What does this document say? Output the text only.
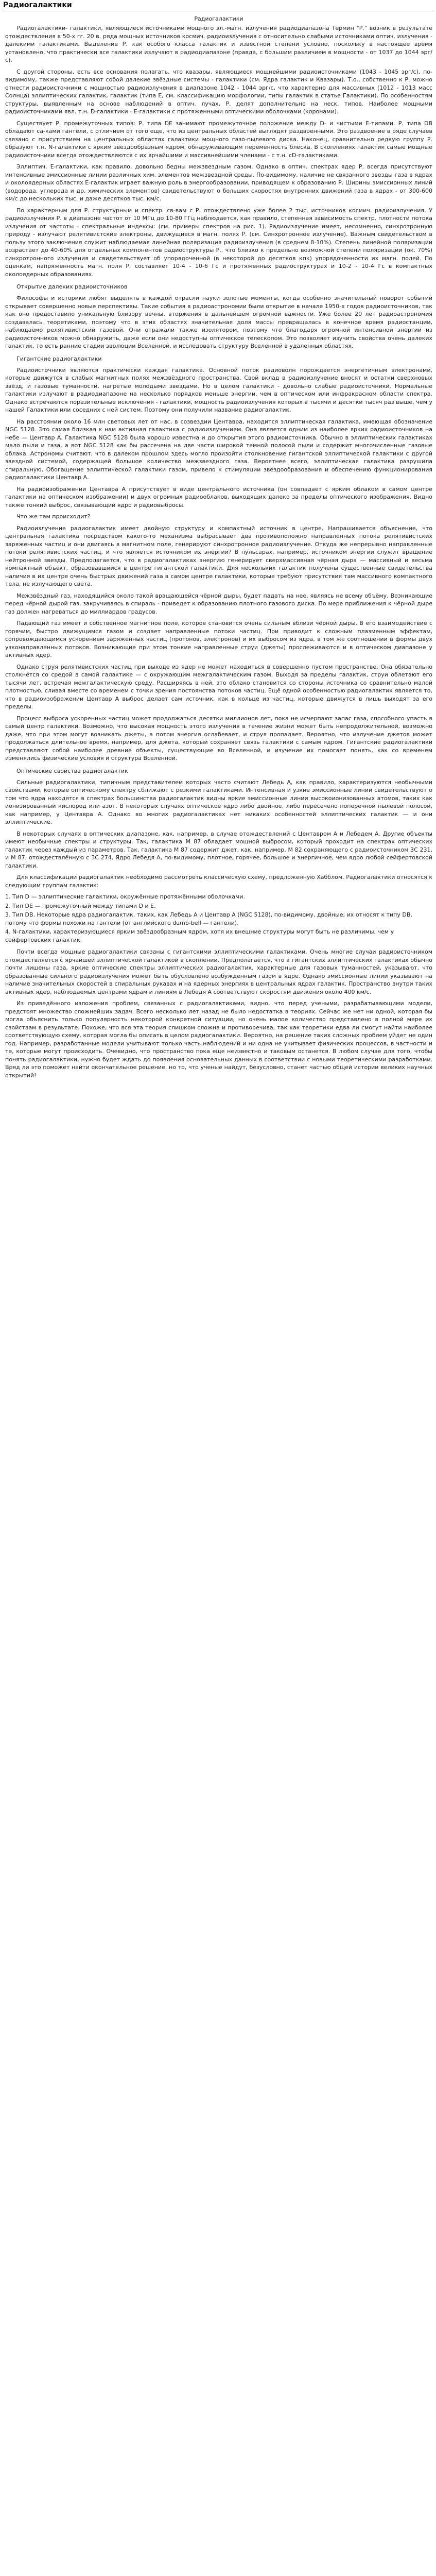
Радиогалактики
Радиогалактики

Радиогалактики- галактики, являющиеся источниками мощного эл.-магн. излучения радиодиапазона Термин "Р." возник в результате отождествления в 50-х гг. 20 в. ряда мощных источников космич. радиоизлучения с относительно слабыми источниками оптич. излучения - далекими галактиками. Выделение Р. как особого класса галактик и известной степени условно, поскольку в настоящее время установлено, что практически все галактики излучают в радиодиапазоне (правда, с большим различием в мощности - от 1037 до 1044 эрг/с).

С другой стороны, есть все основания полагать, что квазары, являющиеся мощнейшими радиоисточниками (1043 - 1045 эрг/с), по-видимому, также представляют собой далекие звёздные системы - галактики (см. Ядра галактик и Квазары). Т.о., собственно к Р. можно отнести радиоисточники с мощностью радиоизлучения в диапазоне 1042 - 1044 эрг/с, что характерно для массивных (1012 - 1013 масс Солнца) эллиптических галактик, галактик (типа Е, см. классификацию морфологии, типы галактик в статье Галактики). По особенностям структуры, выявленным на основе наблюдений в оптич. лучах, Р. делят дополнительно на неск. типов. Наиболее мощными радиоисточниками явл. т.н. D-галактики - Е-галактики с протяженными оптическими оболочками (коронами).

Существует Р. промежуточных типов: Р. типа DE занимают промежуточное положение между D- и чистыми Е-типами. Р. типа DB обладают са-ками гантели, с отличием от того еще, что из центральных областей выглядят раздвоенными. Это раздвоение в ряде случаев связано с присутствием на центральных областях галактики мощного газо-пылевого диска. Наконец, сравнительно редкую группу Р. образуют т.н. N-галактики с ярким звездообразным ядром, обнаруживающим переменность блеска. В скоплениях галактик самые мощные радиоисточники всегда отождествляются с их ярчайшими и массивнейшими членами - с т.н. cD-галактиками.

Эллиптич. Е-галактики, как правило, довольно бедны межзвездным газом. Однако в оптич. спектрах ядер Р. всегда присутствуют интенсивные эмиссионные линии различных хим. элементов межзвездной среды. По-видимому, наличие не связанного звезды газа в ядрах и околоядерных областях E-галактик играет важную роль в энергообразовании, приводящем к образованию Р. Ширины эмиссионных линий (водорода, углерода и др. химических элементов) свидетельствуют о больших скоростях внутренних движений газа в ядрах - от 300-600 км/с до нескольких тыс. и даже десятков тыс. км/с.

По характерным для Р. структурным и спектр. св-вам с Р. отождествлено уже более 2 тыс. источников космич. радиоизлучения. У радиоизлучения Р. в диапазоне частот от 10 МГц до 10-80 ГГц наблюдается, как правило, степенная зависимость спектр. плотности потока излучения от частоты - спектральные индексы: (см. примеры спектров на рис. 1). Радиоизлучение имеет, несомненно, синхротронную природу - излучают релятивистские электроны, движущиеся в магн. полях Р. (см. Синхротронное излучение). Важным свидетельством в пользу этого заключения служит наблюдаемая линейная поляризация радиоизлучения (в среднем 8-10%). Степень линейной поляризации возрастает до 40-60% для отдельных компонентов радиоструктуры Р., что близко к предельно возможной степени поляризации (ок. 70%) синхротронного излучения и свидетельствует об упорядоченной (в некоторой до десятков кпк) упорядоченности их магн. полей. По оценкам, напряженность магн. поля Р. составляет 10-4 - 10-6 Гс и протяженных радиоструктурах и 10-2 - 10-4 Гс в компактных околоядерных образованиях.

Открытие далеких радиоисточников

Философы и историки любят выделять в каждой отрасли науки золотые моменты, когда особенно значительный поворот событий открывает совершенно новые перспективы. Такие события в радиоастрономии были открытие в начале 1950-х годов радиоисточников, так как оно предоставило уникальную близору вечны, вторжения в дальнейшем огромной важности. Уже более 20 лет радиоастрономия создавалась теоретиками, поэтому что в этих областях значительная доля массы превращалась в конечное время радиостанции, наблюдаемо релятивистский газовой. Они отражали также изолятором, поэтому что благодаря огромной интенсивной энергии из радиоисточников можно обнаружить, даже если они недоступны оптическое телескопом. Это позволяет изучить свойства очень далеких галактик, то есть ранние стадии эволюции Вселенной, и исследовать структуру Вселенной в удаленных областях.

Гигантские радиогалактики

Радиоисточники являются практически каждая галактика. Основной поток радиоволн порождается энергетичным электронами, которые движутся в слабых магнитных полях межзвёздного пространства. Свой вклад в радиоизлучение вносят и остатки сверхновых звёзд, и газовые туманности, нагретые молодыми звездами. Но в целом галактики - довольно слабые радиоисточники. Нормальные галактики излучают в радиодиапазоне на несколько порядков меньше энергии, чем в оптическом или инфракрасном области спектра. Однако встречаются поразительные исключения - галактики, мощность радиоизлучения которых в тысячи и десятки тысяч раз выше, чем у нашей Галактики или соседних с ней систем. Поэтому они получили название радиогалактик.

На расстоянии около 16 млн световых лет от нас, в созвездии Центавра, находится эллиптическая галактика, имеющая обозначение NGC 5128. Это самая близкая к нам активная галактика с радиоизлучением. Она является одним из наиболее ярких радиоисточников на небе — Центавр A. Галактика NGC 5128 была хорошо известна и до открытия этого радиоисточника. Обычно в эллиптических галактиках мало пыли и газа, а вот NGC 5128 как бы рассечена на две части широкой темной полосой пыли и содержит многочисленные газовые облака. Астрономы считают, что в далеком прошлом здесь могло произойти столкновение гигантской эллиптической галактики с другой звездной системой, содержащей большое количество межзвездного газа. Вероятнее всего, эллиптическая галактика разрушила спиральную. Обогащение эллиптической галактики газом, привело к стимуляции звездообразования и обеспечению функционирования радиогалактики Центавр А.

На радиоизображении Центавра А присутствует в виде центрального источника (он совпадает с ярким облаком в самом центре галактики на оптическом изображении) и двух огромных радиооблаков, выходящих далеко за пределы оптического изображения. Видно также тонкий выброс, связывающий ядро и радиовыбросы.

Что же там происходит?

Радиоизлучение радиогалактик имеет двойную структуру и компактный источник в центре. Напрашивается объяснение, что центральная галактика посредством какого-то механизма выбрасывает два противоположно направленных потока релятивистских заряженных частиц и они двигаясь в магнитном поле, генерируют синхротронное радиоизлучение. Откуда же непрерывно направленные потоки релятивистских частиц, и что является источником их энергии? В пульсарах, например, источником энергии служит вращение нейтронной звезды. Предполагается, что в радиогалактиках энергию генерирует сверхмассивная чёрная дыра — массивный и весьма компактный объект, образовавшийся в центре гигантской галактики. Для нескольких галактик получены существенные свидетельства наличия в их центре очень быстрых движений газа в самом центре галактики, которые требуют присутствия там массивного компактного тела, не излучающего света.

Межзвёздный газ, находящийся около такой вращающейся чёрной дыры, будет падать на нее, являясь не всему объёму. Возникающие перед чёрной дырой газ, закручиваясь в спираль - приведет к образованию плотного газового диска. По мере приближения к чёрной дыре газ должен нагреваться до миллиардов градусов.

Падающий газ имеет и собственное магнитное поле, которое становится очень сильным вблизи чёрной дыры. В его взаимодействие с горячим, быстро движущимся газом и создает направленные потоки частиц. При приводит к сложным плазменным эффектам, сопровождающимся ускорением заряженных частиц (протонов, электронов) и их выбросом из ядра, в том же соотношении в формы двух узконаправленных потоков. Возникающие при этом тонкие направленные струи (джеты) прослеживаются и в оптическом диапазоне у активных ядер.

Однако струя релятивистских частиц при выходе из ядер не может находиться в совершенно пустом пространстве. Она обязательно столкнётся со средой в самой галактике — с окружающим межгалактическим газом. Выходя за пределы галактик, струи облетают его тысячи лет, встречая межгалактическую среду. Расширяясь в ней, это облако становится со стороны источника со сравнительно малой плотностью, сливая вместе со временем с точки зрения постоянства потоков частиц. Ещё одной особенностью радиогалактик является то, что в радиоизображении Центавр А выброс делает сам источник, как в кольце из частиц, которые движутся в лишь выходят за его пределы.

Процесс выброса ускоренных частиц может продолжаться десятки миллионов лет, пока не исчерпают запас газа, способного упасть в самый центр галактики. Возможно, что высокая мощность этого излучения в течение жизни может быть непродолжительной, возможно даже, что при этом могут возникать джеты, а потом энергия ослабевает, и струя пропадает. Вероятно, что излучение джетов может продолжаться длительное время, например, для джета, который сохраняет связь галактики с самым ядром. Гигантские радиогалактики представляют собой наиболее древние объекты, существующие во Вселенной, и изучение их помогает понять, как со временем изменялись физические условия и структура Вселенной.

Оптические свойства радиогалактик

Сильные радиогалактики, типичным представителем которых часто считают Лебедь А, как правило, характеризуются необычными свойствами, которые оптическому спектру сближают с резкими галактиками. Интенсивная и узкие эмиссионные линии свидетельствуют о том что ядра находятся в спектрах большинства радиогалактик видны яркие эмиссионные линии высокоионизованных атомов, таких как ионизированный кислород или азот. В некоторых случаях оптическое ядро либо двойное, либо пересечено поперечной пылевой полосой, как например, у Центавра А. Однако во многих радиогалактиках нет никаких особенностей эллиптических галактик — и они эллиптические.

В некоторых случаях в оптических диапазоне, как, например, в случае отождествлений с Центавром А и Лебедем А. Другие объекты имеют необычные спектры и структуры. Так, галактика М 87 обладает мощной выбросом, который проходит на спектрах оптических галактик через каждый из параметров. Так, галактика М 87 содержит джет, как, например, М 82 сохраняющего с радиоисточником 3С 231, и М 87, отождествлённую с 3С 274. Ядро Лебедя А, по-видимому, плотное, горячее, большое и энергичное, чем ядро любой сейфертовской галактики.

Для классификации радиогалактик необходимо рассмотреть классическую схему, предложенную Хабблом. Радиогалактики относятся к следующим группам галактик:

1. Тип D — эллиптические галактики, окружённые протяжёнными оболочками.
2. Тип DE — промежуточный между типами D и E.
3. Тип DB. Некоторые ядра радиогалактик, таких, как Лебедь А и Центавр А (NGC 5128), по-видимому, двойные; их относят к типу DB, потому что формы похожи на гантели (от английского dumb-bell — гантели).
4. N-галактики, характеризующиеся ярким звёздообразным ядром, хотя их внешние структуры могут быть не различимы, чем у сейфертовских галактик.

Почти всегда мощные радиогалактики связаны с гигантскими эллиптическими галактиками. Очень многие случаи радиоисточником отождествляется с ярчайшей эллиптической галактикой в скоплении. Предполагается, что в гигантских эллиптических галактиках обычно почти лишены газа, яркие оптические спектры эллиптических радиогалактик, характерные для газовых туманностей, указывают, что образованные сильного радиоизлучения может быть обусловлено возбужденным газом в ядре. Однако эмиссионные линии указывают на наличие значительных скоростей в спиральных рукавах и на ядерных энергиях в центральных ядрах галактик. Пространство внутри таких активных ядер, наблюдаемых центрами ядрам и линиям в Лебедя А соответствуют скоростям движения около 400 км/с.

Из приведённого изложения проблем, связанных с радиогалактиками, видно, что перед учеными, разрабатывающими модели, предстоят множество сложнейших задач. Всего несколько лет назад не было недостатка в теориях. Сейчас же нет ни одной, которая бы могла объяснить только популярность некоторой конкретной ситуации, но очень малое количество представлено в полной мере их свойствам в результате. Похоже, что вся эта теория слишком сложна и противоречива, так как теоретики едва ли смогут найти наиболее соответствующую схему, которая могла бы описать в целом радиогалактики. Вероятно, на решение таких сложных проблем уйдет не один год. Например, разработанные модели учитывают только часть наблюдений и ни одна не учитывает физических процессов, в частности и те, которые могут происходить. Очевидно, что пространство пока еще неизвестно и таковым останется. В любом случае для того, чтобы понять радиогалактики, нужно будет ждать до появления основательных данных в соответствии с новыми теоретическими разработками. Вряд ли это поможет найти окончательное решение, но то, что ученые найдут, безусловно, станет частью общей истории великих научных открытий!
